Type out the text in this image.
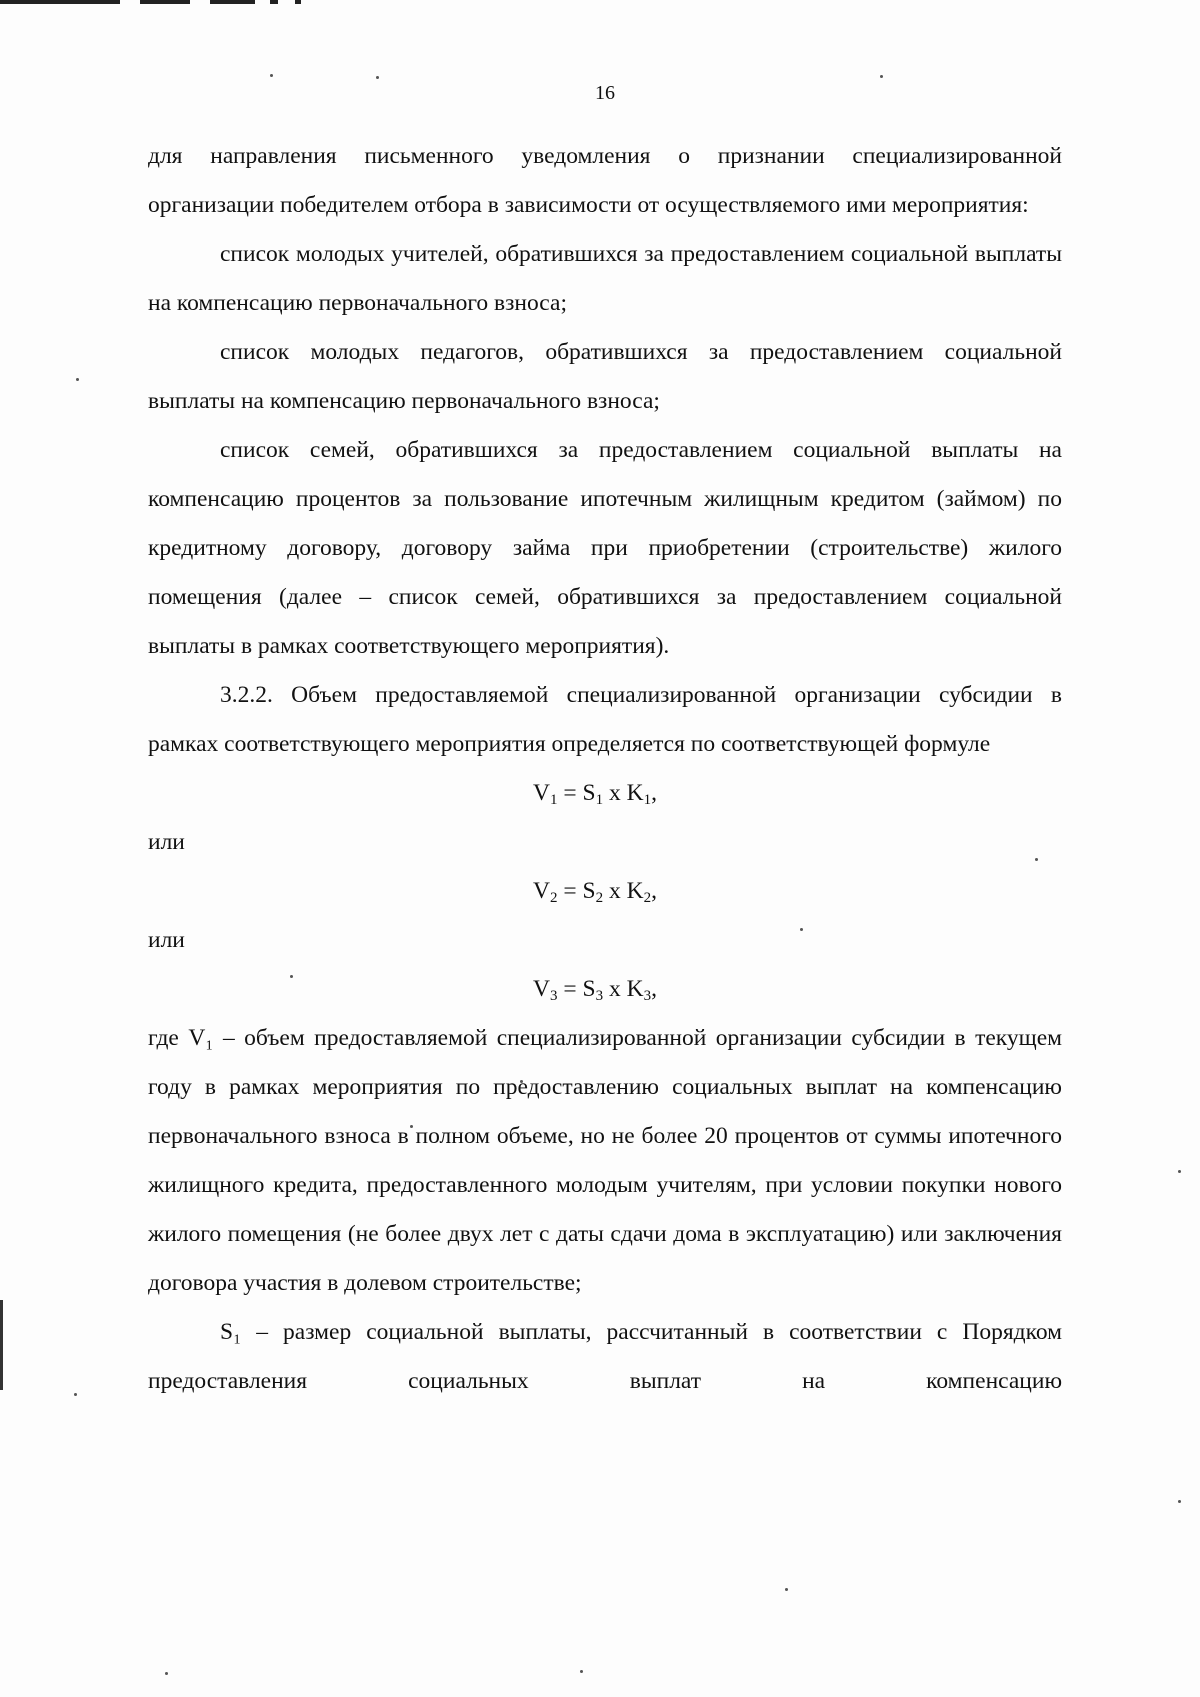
16

для направления письменного уведомления о признании специализированной организации победителем отбора в зависимости от осуществляемого ими мероприятия:

список молодых учителей, обратившихся за предоставлением социальной выплаты на компенсацию первоначального взноса;

список молодых педагогов, обратившихся за предоставлением социальной выплаты на компенсацию первоначального взноса;

список семей, обратившихся за предоставлением социальной выплаты на компенсацию процентов за пользование ипотечным жилищным кредитом (займом) по кредитному договору, договору займа при приобретении (строительстве) жилого помещения (далее – список семей, обратившихся за предоставлением социальной выплаты в рамках соответствующего мероприятия).

3.2.2. Объем предоставляемой специализированной организации субсидии в рамках соответствующего мероприятия определяется по соответствующей формуле

$V_1 = S_1$ x $K_1$,

или

$V_2 = S_2$ x $K_2$,

или

$V_3 = S_3$ x $K_3$,

где V₁ – объем предоставляемой специализированной организации субсидии в текущем году в рамках мероприятия по предоставлению социальных выплат на компенсацию первоначального взноса в полном объеме, но не более 20 процентов от суммы ипотечного жилищного кредита, предоставленного молодым учителям, при условии покупки нового жилого помещения (не более двух лет с даты сдачи дома в эксплуатацию) или заключения договора участия в долевом строительстве;

S₁ – размер социальной выплаты, рассчитанный в соответствии с Порядком предоставления социальных выплат на компенсацию
